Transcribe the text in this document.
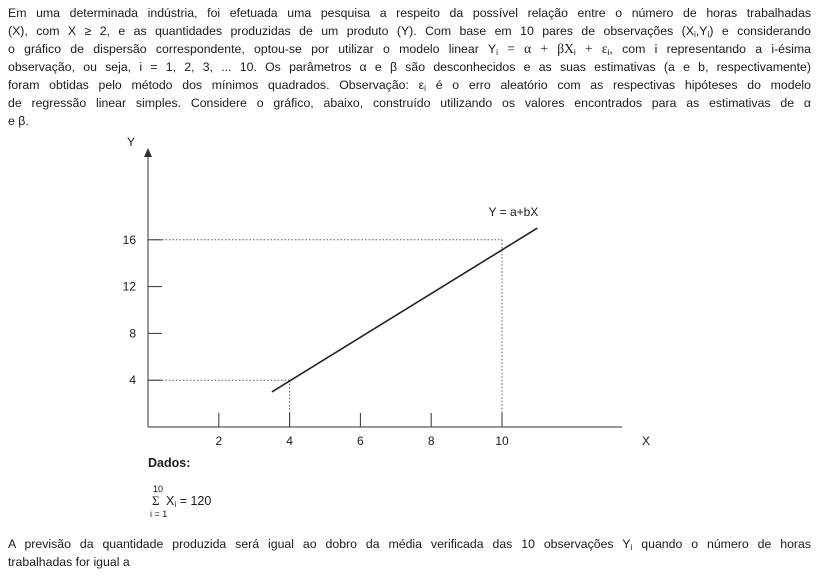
Em uma determinada indústria, foi efetuada uma pesquisa a respeito da possível relação entre o número de horas trabalhadas
(X), com X ≥ 2, e as quantidades produzidas de um produto (Y). Com base em 10 pares de observações $(X_i,Y_i)$ e considerando
o gráfico de dispersão correspondente, optou-se por utilizar o modelo linear $Y_i = \alpha + \beta X_i + \varepsilon_i$, com i representando a i-ésima
observação, ou seja, i = 1, 2, 3, ... 10. Os parâmetros α e β são desconhecidos e as suas estimativas (a e b, respectivamente)
foram obtidas pelo método dos mínimos quadrados. Observação: $\varepsilon_i$ é o erro aleatório com as respectivas hipóteses do modelo
de regressão linear simples. Considere o gráfico, abaixo, construído utilizando os valores encontrados para as estimativas de α
e β.
2	4	6	8	10
4
8
12
16
X
Y
Y = a+bX
Dados:
10
Σ $X_i = 120$
i = 1
A previsão da quantidade produzida será igual ao dobro da média verificada das 10 observações $Y_i$ quando o número de horas
trabalhadas for igual a
